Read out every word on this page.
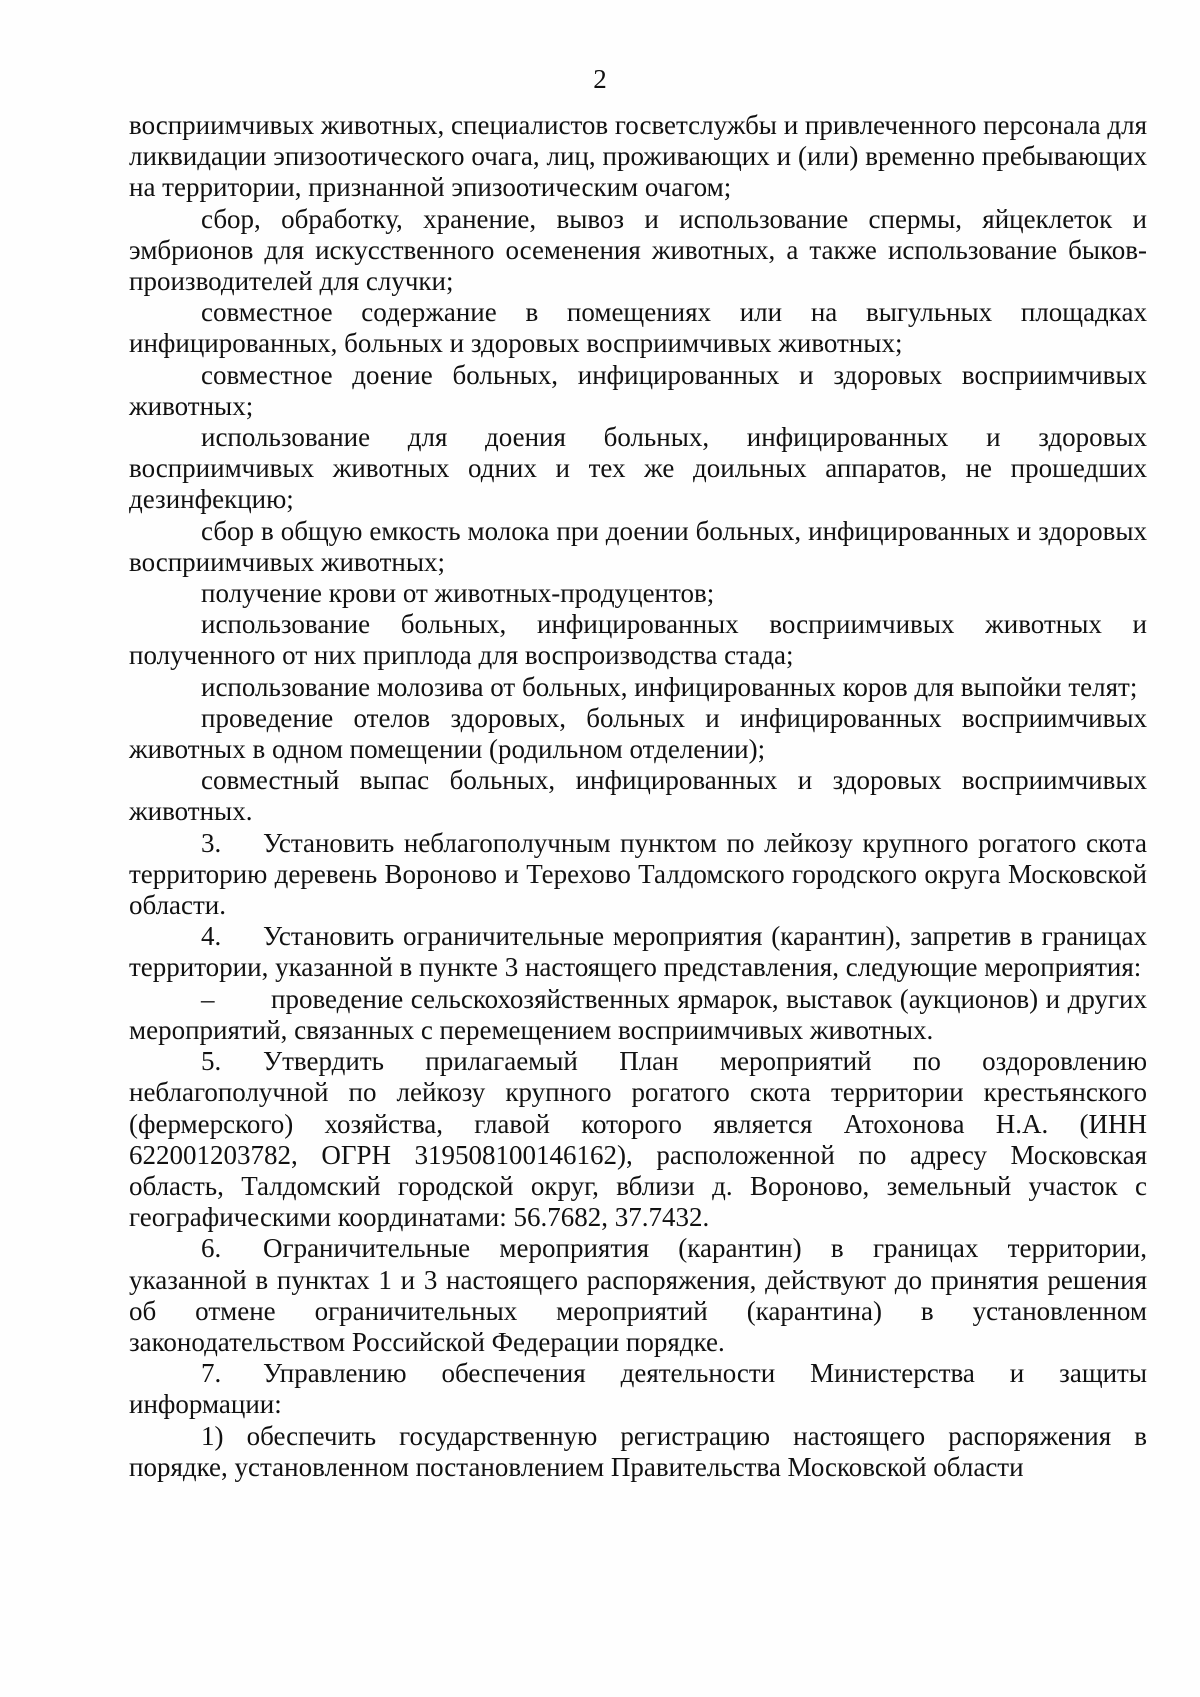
2

восприимчивых животных, специалистов госветслужбы и привлеченного персонала для ликвидации эпизоотического очага, лиц, проживающих и (или) временно пребывающих на территории, признанной эпизоотическим очагом;

сбор, обработку, хранение, вывоз и использование спермы, яйцеклеток и эмбрионов для искусственного осеменения животных, а также использование быков-производителей для случки;

совместное содержание в помещениях или на выгульных площадках инфицированных, больных и здоровых восприимчивых животных;

совместное доение больных, инфицированных и здоровых восприимчивых животных;

использование для доения больных, инфицированных и здоровых восприимчивых животных одних и тех же доильных аппаратов, не прошедших дезинфекцию;

сбор в общую емкость молока при доении больных, инфицированных и здоровых восприимчивых животных;

получение крови от животных-продуцентов;

использование больных, инфицированных восприимчивых животных и полученного от них приплода для воспроизводства стада;

использование молозива от больных, инфицированных коров для выпойки телят;

проведение отелов здоровых, больных и инфицированных восприимчивых животных в одном помещении (родильном отделении);

совместный выпас больных, инфицированных и здоровых восприимчивых животных.

3. Установить неблагополучным пунктом по лейкозу крупного рогатого скота территорию деревень Вороново и Терехово Талдомского городского округа Московской области.

4. Установить ограничительные мероприятия (карантин), запретив в границах территории, указанной в пункте 3 настоящего представления, следующие мероприятия:

– проведение сельскохозяйственных ярмарок, выставок (аукционов) и других мероприятий, связанных с перемещением восприимчивых животных.

5. Утвердить прилагаемый План мероприятий по оздоровлению неблагополучной по лейкозу крупного рогатого скота территории крестьянского (фермерского) хозяйства, главой которого является Атохонова Н.А. (ИНН 622001203782, ОГРН 319508100146162), расположенной по адресу Московская область, Талдомский городской округ, вблизи д. Вороново, земельный участок с географическими координатами: 56.7682, 37.7432.

6. Ограничительные мероприятия (карантин) в границах территории, указанной в пунктах 1 и 3 настоящего распоряжения, действуют до принятия решения об отмене ограничительных мероприятий (карантина) в установленном законодательством Российской Федерации порядке.

7. Управлению обеспечения деятельности Министерства и защиты информации:

1) обеспечить государственную регистрацию настоящего распоряжения в порядке, установленном постановлением Правительства Московской области
